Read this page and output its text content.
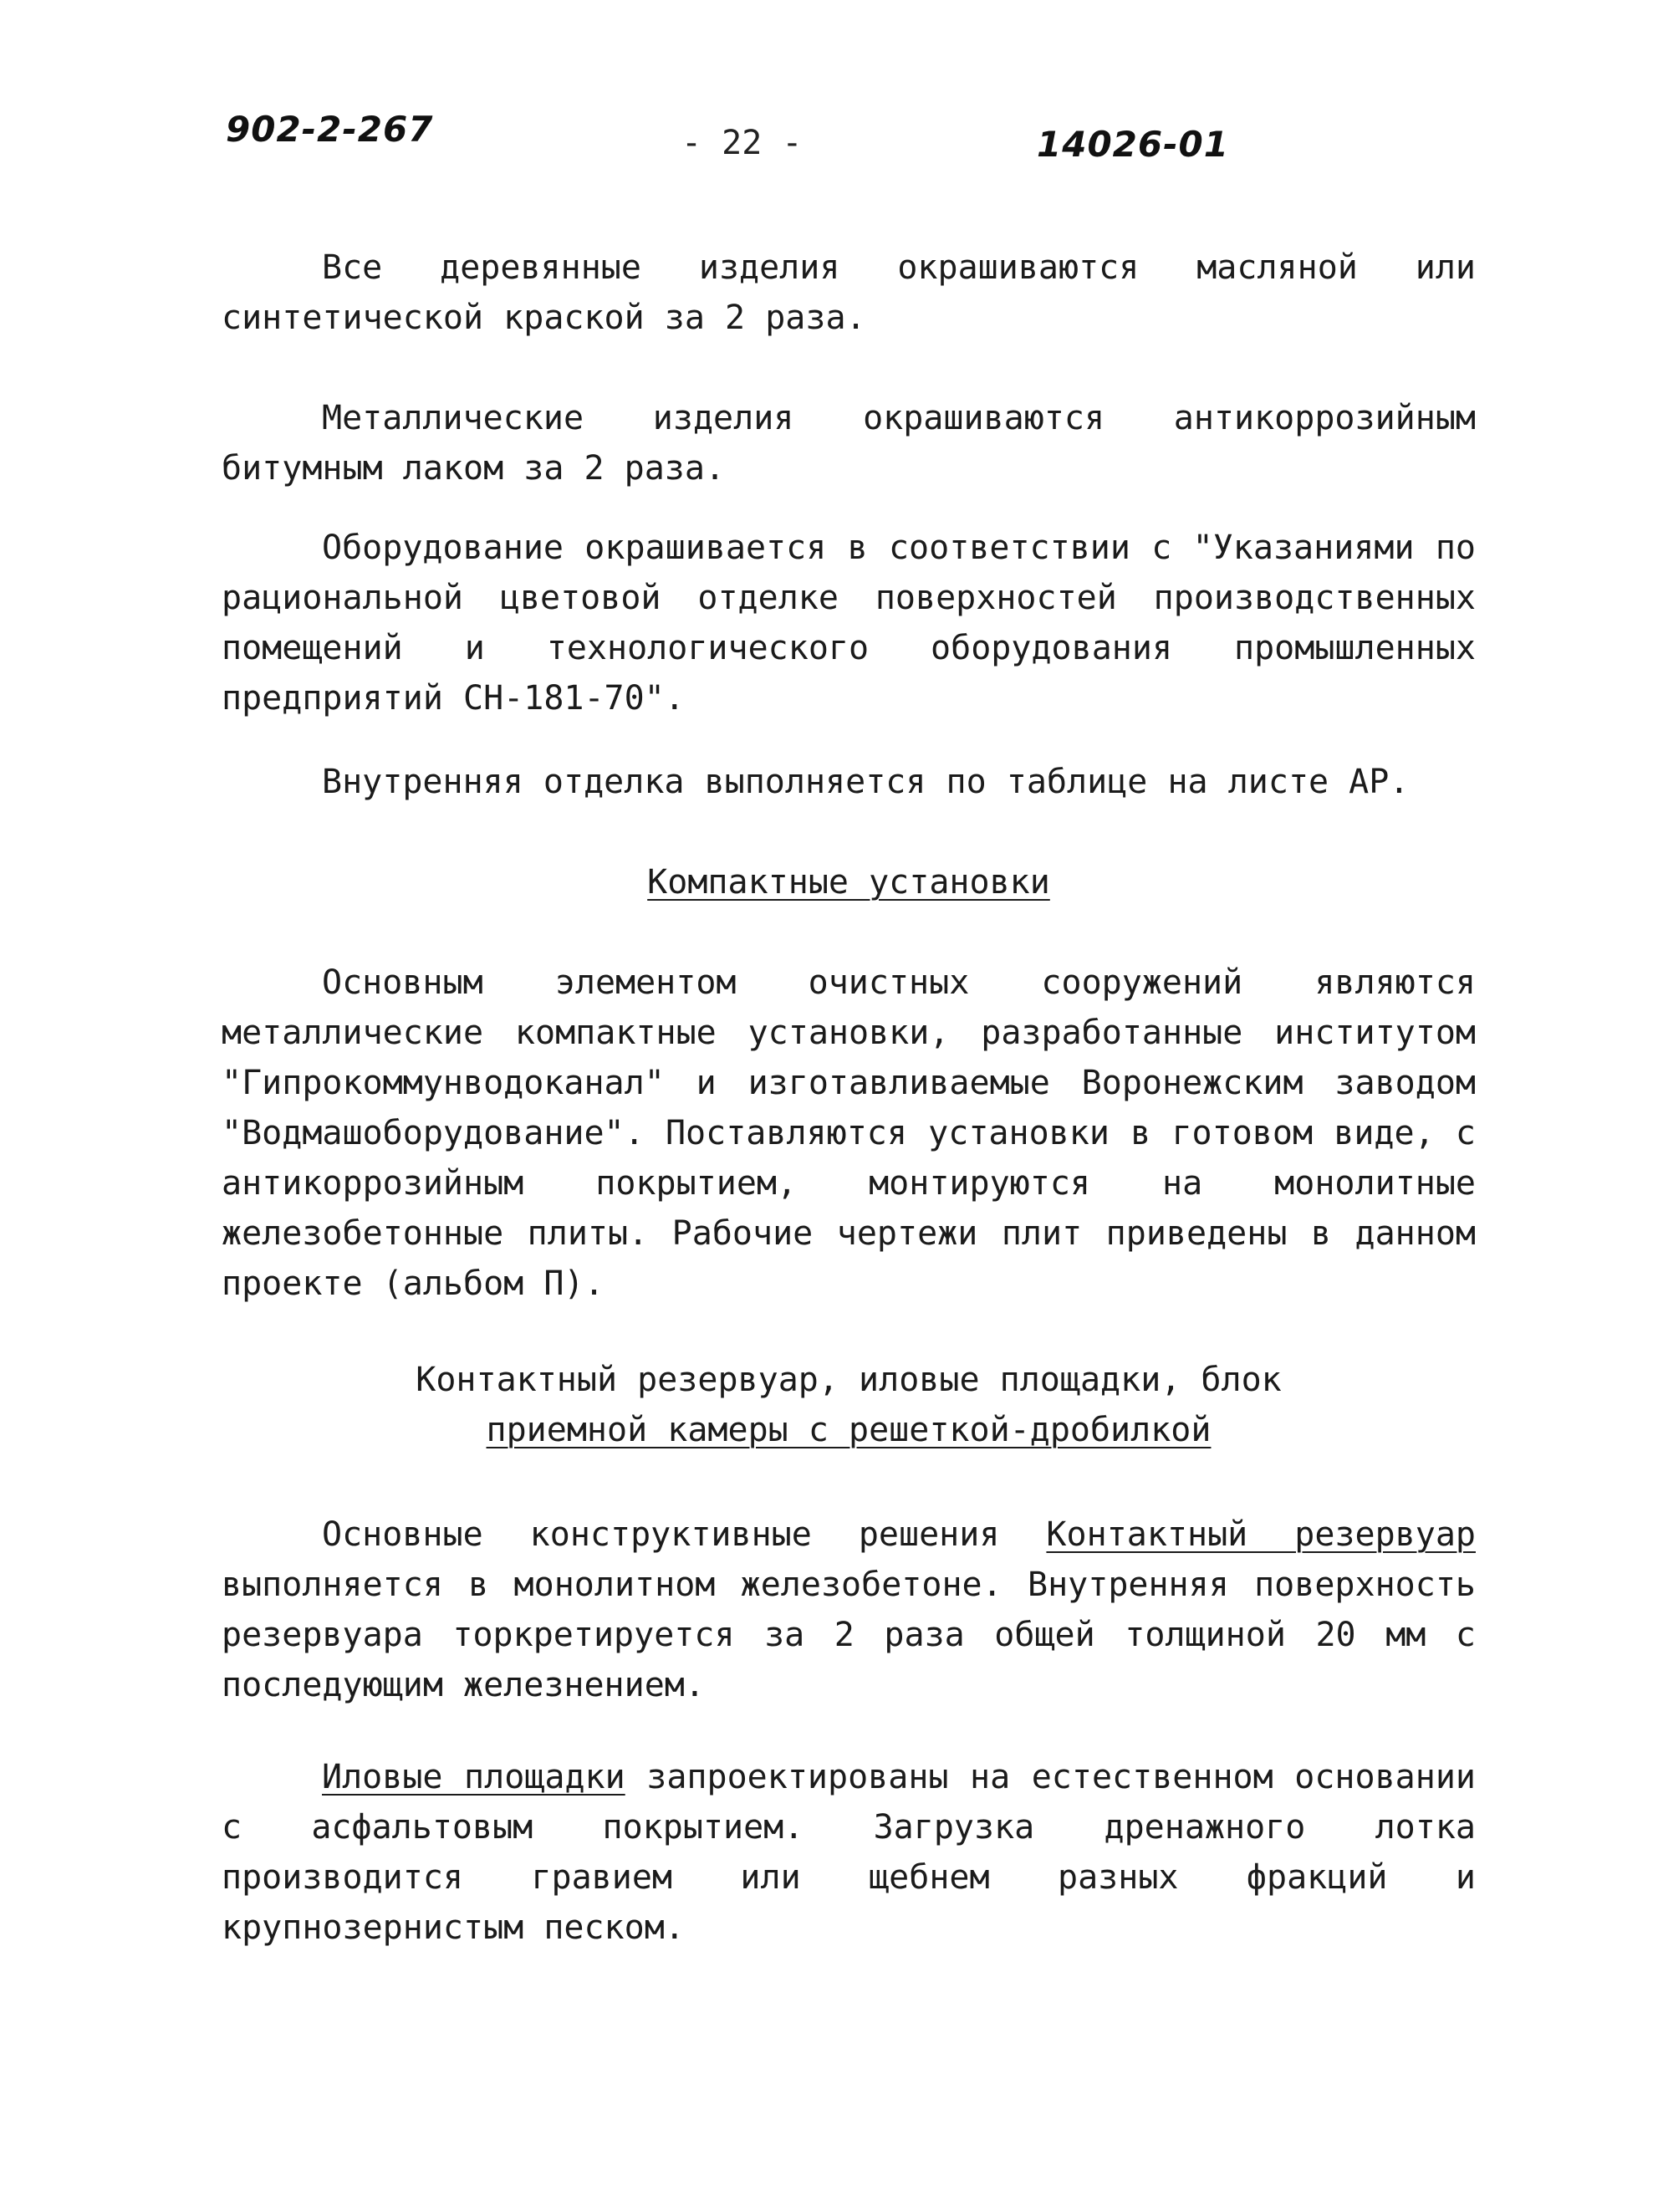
902-2-267	- 22 -	14026-01

Все деревянные изделия окрашиваются масляной или синтетической краской за 2 раза.

Металлические изделия окрашиваются антикоррозийным битумным лаком за 2 раза.

Оборудование окрашивается в соответствии с "Указаниями по рациональной цветовой отделке поверхностей производственных помещений и технологического оборудования промышленных предприятий СН-181-70".

Внутренняя отделка выполняется по таблице на листе АР.

Компактные установки

Основным элементом очистных сооружений являются металлические компактные установки, разработанные институтом "Гипрокоммунводоканал" и изготавливаемые Воронежским заводом "Водмашоборудование". Поставляются установки в готовом виде, с антикоррозийным покрытием, монтируются на монолитные железобетонные плиты. Рабочие чертежи плит приведены в данном проекте (альбом П).

Контактный резервуар, иловые площадки, блок
приемной камеры с решеткой-дробилкой

Основные конструктивные решения Контактный резервуар выполняется в монолитном железобетоне. Внутренняя поверхность резервуара торкретируется за 2 раза общей толщиной 20 мм с последующим железнением.

Иловые площадки запроектированы на естественном основании с асфальтовым покрытием. Загрузка дренажного лотка производится гравием или щебнем разных фракций и крупнозернистым песком.
